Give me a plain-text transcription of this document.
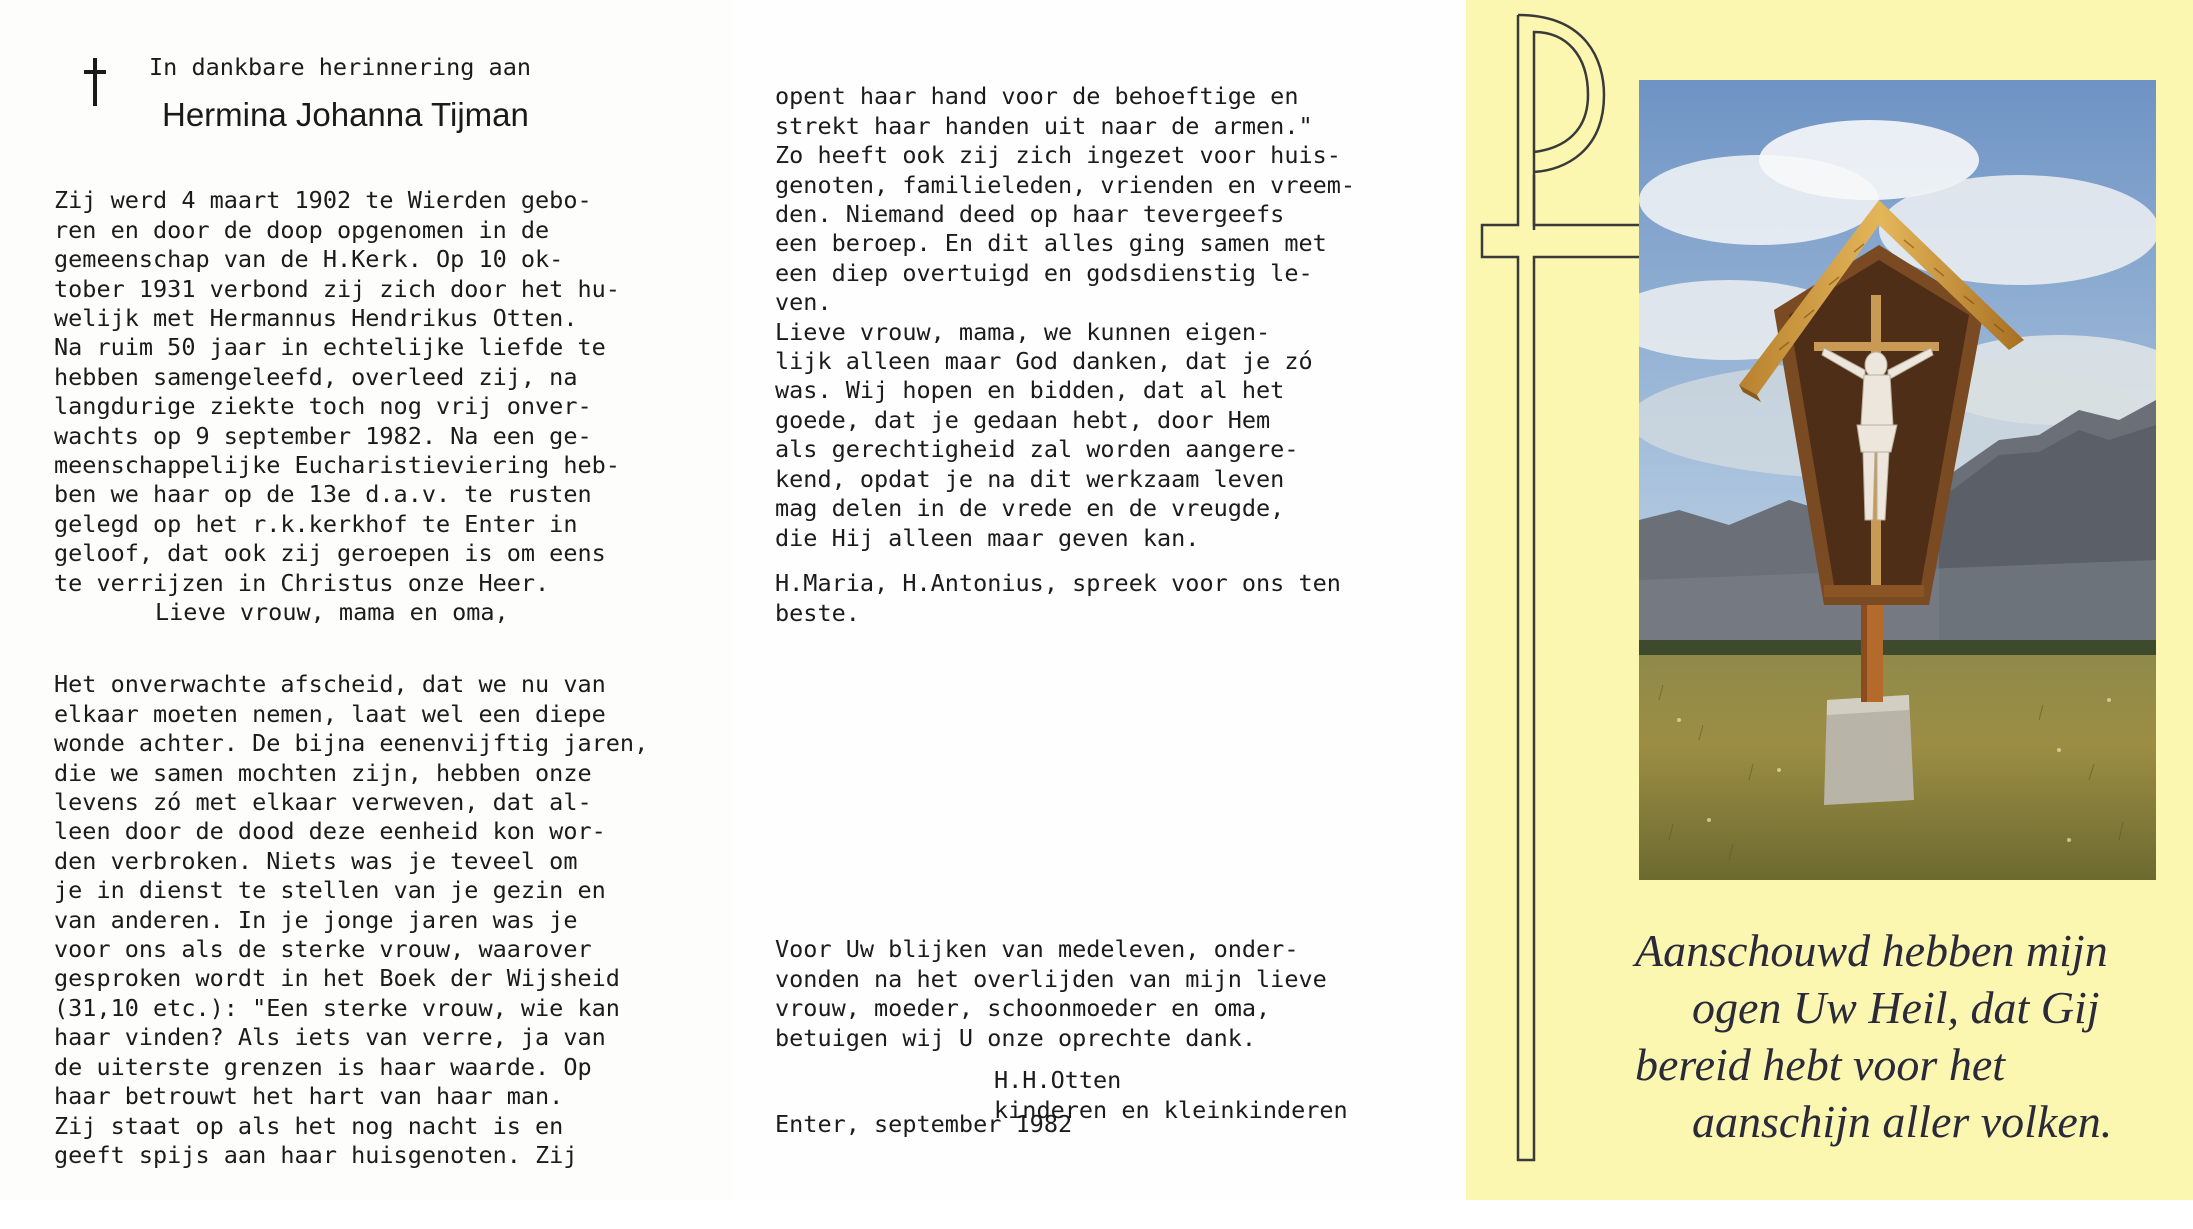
In dankbare herinnering aan
Hermina Johanna Tijman

Zij werd 4 maart 1902 te Wierden gebo-
ren en door de doop opgenomen in de
gemeenschap van de H.Kerk. Op 10 ok-
tober 1931 verbond zij zich door het hu-
welijk met Hermannus Hendrikus Otten.
Na ruim 50 jaar in echtelijke liefde te
hebben samengeleefd, overleed zij, na
langdurige ziekte toch nog vrij onver-
wachts op 9 september 1982. Na een ge-
meenschappelijke Eucharistieviering heb-
ben we haar op de 13e d.a.v. te rusten
gelegd op het r.k.kerkhof te Enter in
geloof, dat ook zij geroepen is om eens
te verrijzen in Christus onze Heer.

Lieve vrouw, mama en oma,

Het onverwachte afscheid, dat we nu van
elkaar moeten nemen, laat wel een diepe
wonde achter. De bijna eenenvijftig jaren,
die we samen mochten zijn, hebben onze
levens zó met elkaar verweven, dat al-
leen door de dood deze eenheid kon wor-
den verbroken. Niets was je teveel om
je in dienst te stellen van je gezin en
van anderen. In je jonge jaren was je
voor ons als de sterke vrouw, waarover
gesproken wordt in het Boek der Wijsheid
(31,10 etc.): "Een sterke vrouw, wie kan
haar vinden? Als iets van verre, ja van
de uiterste grenzen is haar waarde. Op
haar betrouwt het hart van haar man.
Zij staat op als het nog nacht is en
geeft spijs aan haar huisgenoten. Zij

opent haar hand voor de behoeftige en
strekt haar handen uit naar de armen."
Zo heeft ook zij zich ingezet voor huis-
genoten, familieleden, vrienden en vreem-
den. Niemand deed op haar tevergeefs
een beroep. En dit alles ging samen met
een diep overtuigd en godsdienstig le-
ven.
Lieve vrouw, mama, we kunnen eigen-
lijk alleen maar God danken, dat je zó
was. Wij hopen en bidden, dat al het
goede, dat je gedaan hebt, door Hem
als gerechtigheid zal worden aangere-
kend, opdat je na dit werkzaam leven
mag delen in de vrede en de vreugde,
die Hij alleen maar geven kan.

H.Maria, H.Antonius, spreek voor ons ten
beste.

Voor Uw blijken van medeleven, onder-
vonden na het overlijden van mijn lieve
vrouw, moeder, schoonmoeder en oma,
betuigen wij U onze oprechte dank.

H.H.Otten
kinderen en kleinkinderen

Enter, september 1982
Aanschouwd hebben mijn
ogen Uw Heil, dat Gij
bereid hebt voor het
aanschijn aller volken.
